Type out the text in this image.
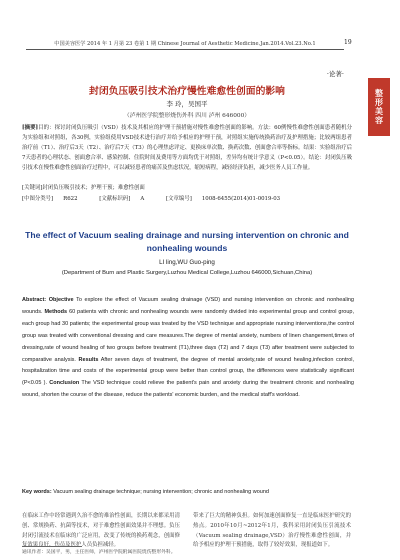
中国美容医学 2014 年 1 月第 23 卷第 1 期 Chinese Journal of Aesthetic Medicine.Jan.2014.Vol.23.No.1	19
整形美容
·论著·
封闭负压吸引技术治疗慢性难愈性创面的影响
李 玲，吴国平
（泸州医学院整形烧伤外科 四川 泸州 646000）
[摘要]目的：探讨封闭负压吸引（VSD）技术及其相应的护理干预措施对慢性难愈性创面的影响。方法：60例慢性难愈性创面患者随机分为实验组和对照组，各30例，实验组使用VSD技术进行治疗并给予相应的护理干预，对照组实施传统换药治疗及护理措施；比较两组患者治疗前（T1）、治疗后3天（T2）、治疗后7天（T3）的心理焦虑评定、更换床单次数、换药次数、创面愈合率等指标。结果：实验组治疗后7天患者的心理状态、创面愈合率、感染控制、住院时间及费用等方面均优于对照组，差异均有统计学意义（P<0.05）。结论：封闭负压吸引技术在慢性难愈性创面治疗过程中，可以减轻患者的痛苦及焦虑状况，缩短病程，减轻经济负担，减少医务人员工作量。
[关键词]封闭负压吸引技术；护理干预；难愈性创面
[中图分类号] R622	[文献标识码] A	[文章编号] 1008-6455(2014)01-0019-03
The effect of Vacuum sealing drainage and nursing intervention on chronic and nonhealing wounds
LI ling,WU Guo-ping
(Department of Burn and Plastic Surgery,Luzhou Medical College,Luzhou 646000,Sichuan,China)
Abstract: Objective To explore the effect of Vacuum sealing drainage (VSD) and nursing intervention on chronic and nonhealing wounds. Methods 60 patients with chronic and nonhealing wounds were randomly divided into experimental group and control group, each group had 30 patients; the experimental group was treated by the VSD technique and appropriate nursing interventions,the control group was treated with conventional dressing and care measures.The degree of mental anxiety, numbers of linen changement,times of dressing,rate of wound healing of two groups before treatment (T1),three days (T2) and 7 days (T3) after treatment were subjected to comparative analysis. Results After seven days of treatment, the degree of mental anxiety,rate of wound healing,infection control, hospitalization time and costs of the experimental group were better than control group, the differences were statistically significant (P<0.05 ). Conclusion The VSD technique could relieve the patient's pain and anxiety during the treatment chronic and nonhealing wound, shorten the course of the disease, reduce the patients' economic burden, and the medical staff's workload.
Key words: Vacuum sealing drainage technique; nursing intervention; chronic and nonhealing wound
在临床工作中经常遇到久治不愈的难治性创面，长期以来都采用清创、常规换药、抗菌等技术，对于难愈性创面效果并不理想。负压封闭引流技术在临床的广泛应用，改变了传统的换药观念，创面修复效果良好，伤员及医护人员负担减轻。
带来了巨大的精神负担。如何加速创面修复一直是临床医护研究的热点。2010年10月~2012年1月，我科采用封闭负压引流技术（Vacuum sealing drainage,VSD）治疗慢性难愈性创面，并给予相应的护理干预措施，取得了较好效果，现报道如下。
通讯作者：吴国平，男，主任医师，泸州医学院附属医院烧伤整形外科。
